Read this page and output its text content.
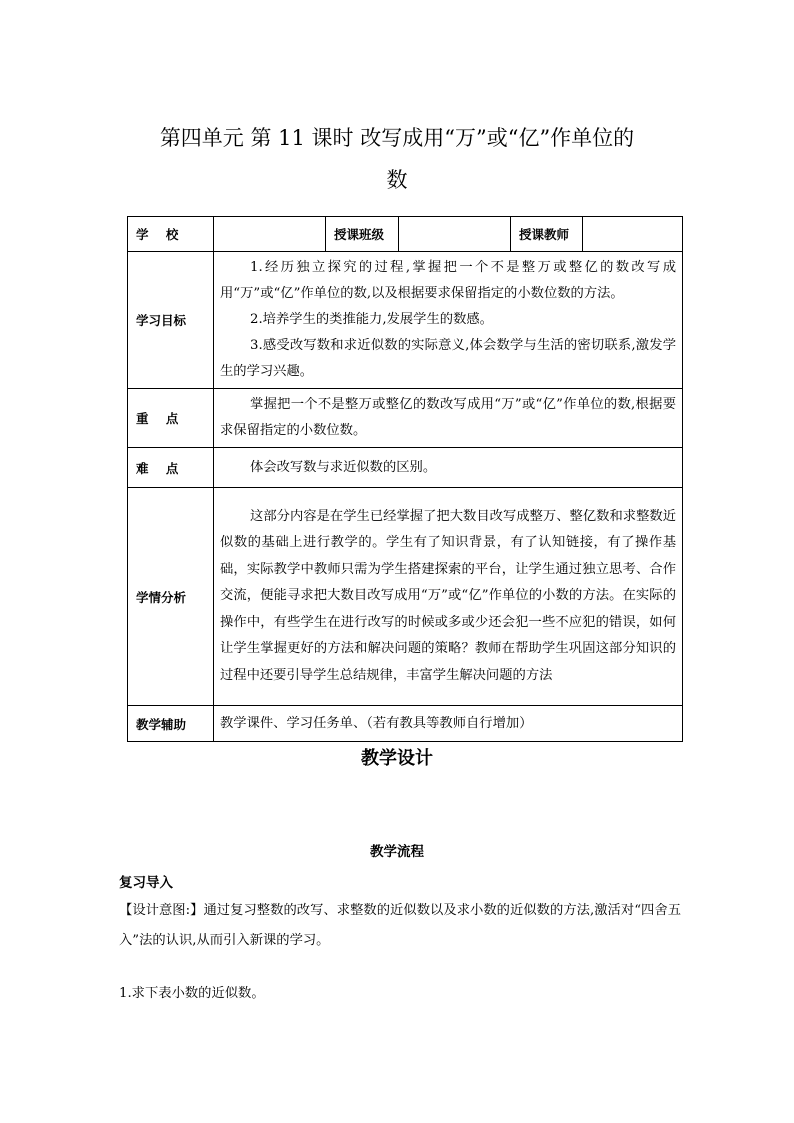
第四单元 第 11 课时 改写成用“万”或“亿”作单位的
数
学    校		授课班级		授课教师	
学习目标	1.经历独立探究的过程,掌握把一个不是整万或整亿的数改写成用“万”或“亿”作单位的数,以及根据要求保留指定的小数位数的方法。

2.培养学生的类推能力,发展学生的数感。

3.感受改写数和求近似数的实际意义,体会数学与生活的密切联系,激发学生的学习兴趣。				

重    点	掌握把一个不是整万或整亿的数改写成用“万”或“亿”作单位的数,根据要求保留指定的小数位数。				

难    点	体会改写数与求近似数的区别。				

学情分析	这部分内容是在学生已经掌握了把大数目改写成整万、整亿数和求整数近似数的基础上进行教学的。学生有了知识背景，有了认知链接，有了操作基础，实际教学中教师只需为学生搭建探索的平台，让学生通过独立思考、合作交流，便能寻求把大数目改写成用“万”或“亿”作单位的小数的方法。在实际的操作中，有些学生在进行改写的时候或多或少还会犯一些不应犯的错误，如何让学生掌握更好的方法和解决问题的策略？教师在帮助学生巩固这部分知识的过程中还要引导学生总结规律，丰富学生解决问题的方法				

教学辅助	教学课件、学习任务单、（若有教具等教师自行增加）				
教学设计
教学流程
复习导入
【设计意图:】通过复习整数的改写、求整数的近似数以及求小数的近似数的方法,激活对“四舍五入”法的认识,从而引入新课的学习。
1.求下表小数的近似数。
